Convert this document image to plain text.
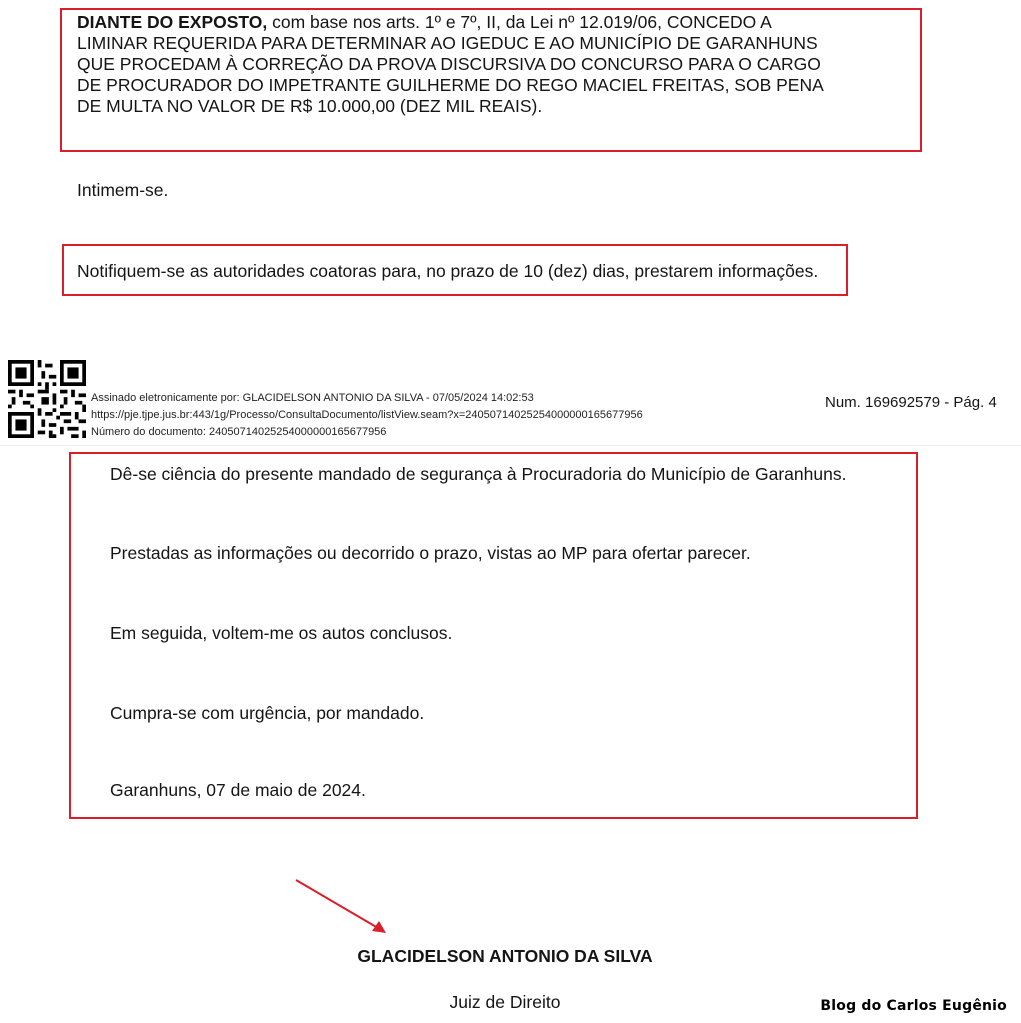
DIANTE DO EXPOSTO, com base nos arts. 1º e 7º, II, da Lei nº 12.019/06, CONCEDO A
LIMINAR REQUERIDA PARA DETERMINAR AO IGEDUC E AO MUNICÍPIO DE GARANHUNS
QUE PROCEDAM À CORREÇÃO DA PROVA DISCURSIVA DO CONCURSO PARA O CARGO
DE PROCURADOR DO IMPETRANTE GUILHERME DO REGO MACIEL FREITAS, SOB PENA
DE MULTA NO VALOR DE R$ 10.000,00 (DEZ MIL REAIS).
Intimem-se.
Notifiquem-se as autoridades coatoras para, no prazo de 10 (dez) dias, prestarem informações.
Assinado eletronicamente por: GLACIDELSON ANTONIO DA SILVA - 07/05/2024 14:02:53
https://pje.tjpe.jus.br:443/1g/Processo/ConsultaDocumento/listView.seam?x=24050714025254000000165677956
Número do documento: 24050714025254000000165677956
Num. 169692579 - Pág. 4
Dê-se ciência do presente mandado de segurança à Procuradoria do Município de Garanhuns.
Prestadas as informações ou decorrido o prazo, vistas ao MP para ofertar parecer.
Em seguida, voltem-me os autos conclusos.
Cumpra-se com urgência, por mandado.
Garanhuns, 07 de maio de 2024.
GLACIDELSON ANTONIO DA SILVA
Juiz de Direito	Blog do Carlos Eugênio
